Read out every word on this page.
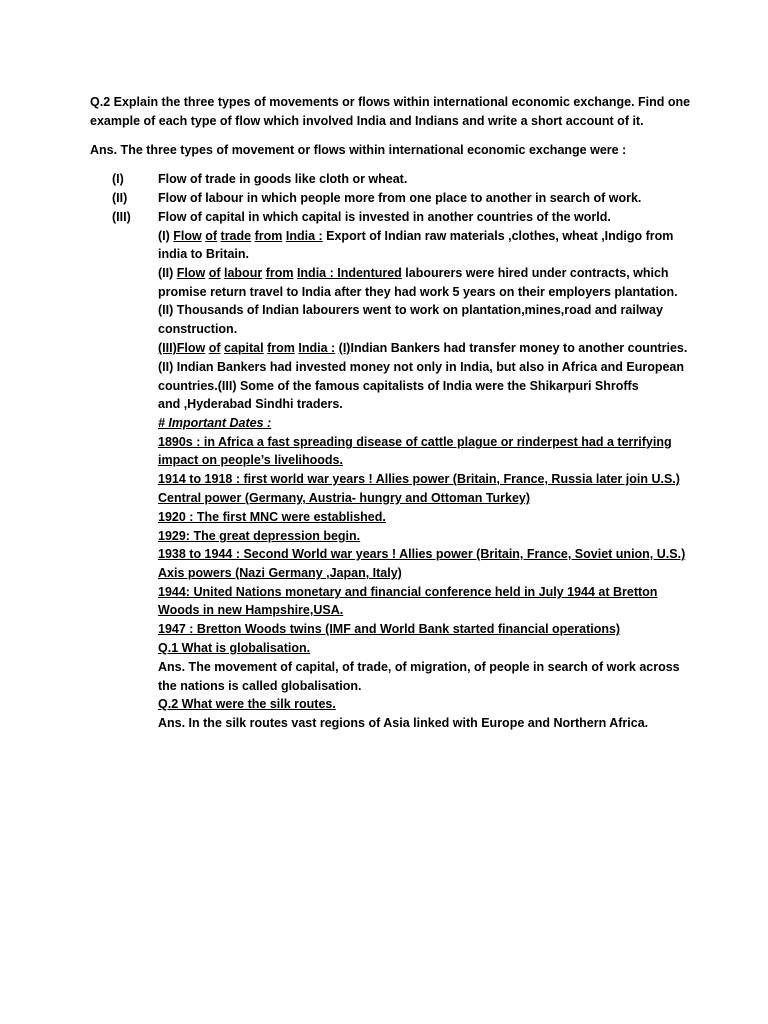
Q.2 Explain the three types of movements or flows within international economic exchange. Find one
example of each type of flow which involved India and Indians and write a short account of it.
Ans. The three types of movement or flows within international economic exchange were :
(I)	Flow of trade in goods like cloth or wheat.
(II) Flow of labour in which people more from one place to another in search of work.
(III) Flow of capital in which capital is invested in another countries of the world.
(I) Flow of trade from India : Export of Indian raw materials ,clothes, wheat ,Indigo from
india to Britain.
(II) Flow of labour from India : Indentured labourers were hired under contracts, which
promise return travel to India after they had work 5 years on their employers plantation.
(II) Thousands of Indian labourers went to work on plantation,mines,road and railway
construction.
(III)Flow of capital from India : (I)Indian Bankers had transfer money to another countries.
(II) Indian Bankers had invested money not only in India, but also in Africa and European
countries.(III) Some of the famous capitalists of India were the Shikarpuri Shroffs
and ,Hyderabad Sindhi traders.
# Important Dates :
1890s : in Africa a fast spreading disease of cattle plague or rinderpest had a terrifying
impact on people’s livelihoods.
1914 to 1918 : first world war years ! Allies power (Britain, France, Russia later join U.S.)
Central power (Germany, Austria- hungry and Ottoman Turkey)
1920 : The first MNC were established.
1929: The great depression begin.
1938 to 1944 : Second World war years ! Allies power (Britain, France, Soviet union, U.S.)
Axis powers (Nazi Germany ,Japan, Italy)
1944: United Nations monetary and financial conference held in July 1944 at Bretton
Woods in new Hampshire,USA.
1947 : Bretton Woods twins (IMF and World Bank started financial operations)
Q.1 What is globalisation.
Ans. The movement of capital, of trade, of migration, of people in search of work across
the nations is called globalisation.
Q.2 What were the silk routes.
Ans. In the silk routes vast regions of Asia linked with Europe and Northern Africa.
